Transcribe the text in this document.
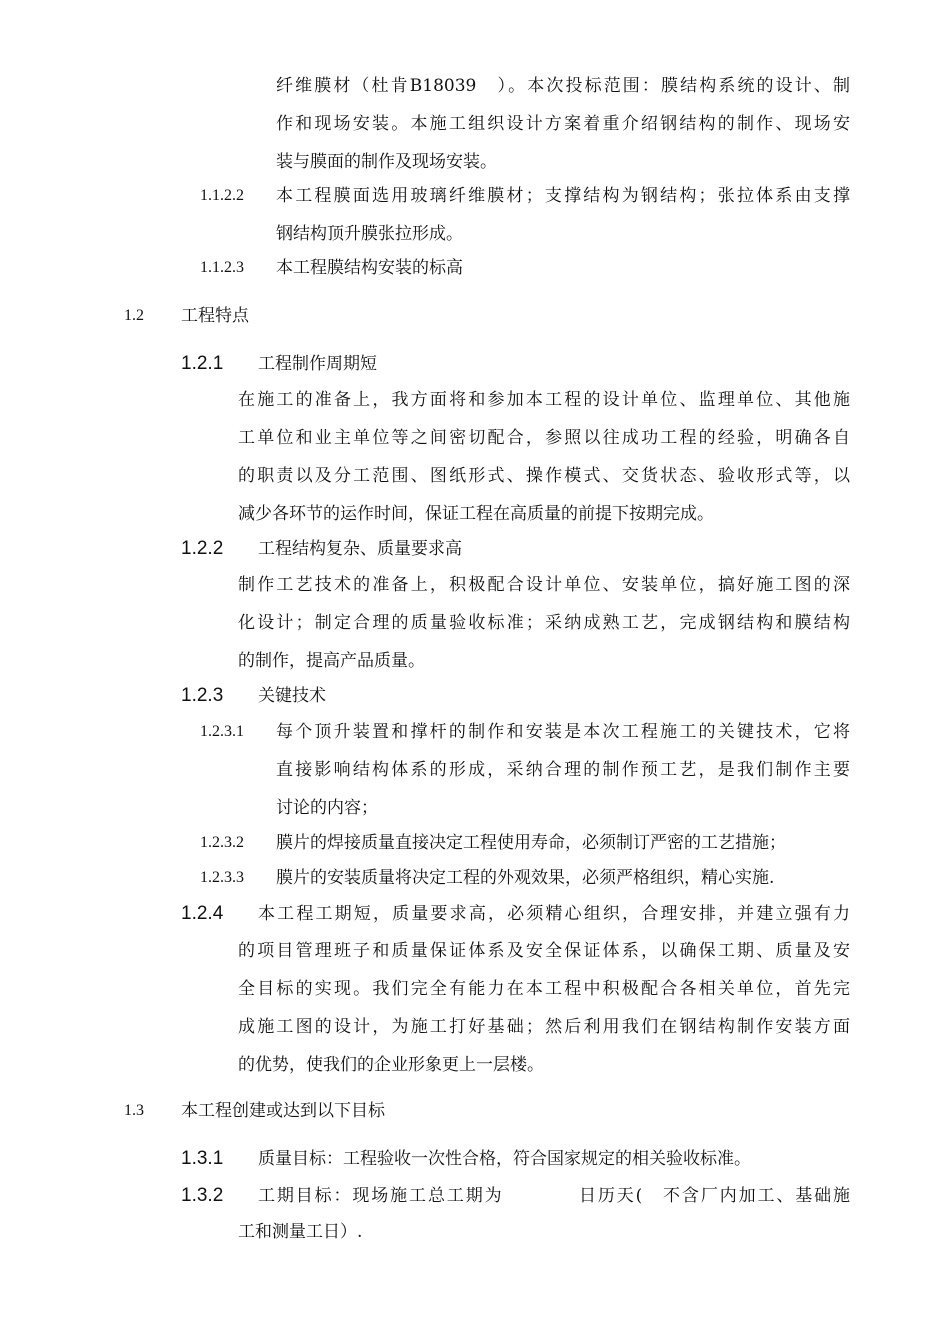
纤维膜材（杜肯B18039　）。本次投标范围：膜结构系统的设计、制
作和现场安装。本施工组织设计方案着重介绍钢结构的制作、现场安
装与膜面的制作及现场安装。
1.1.2.2 本工程膜面选用玻璃纤维膜材；支撑结构为钢结构；张拉体系由支撑
钢结构顶升膜张拉形成。
1.1.2.3 本工程膜结构安装的标高
1.2 工程特点
1.2.1 工程制作周期短
在施工的准备上，我方面将和参加本工程的设计单位、监理单位、其他施
工单位和业主单位等之间密切配合，参照以往成功工程的经验，明确各自
的职责以及分工范围、图纸形式、操作模式、交货状态、验收形式等，以
减少各环节的运作时间，保证工程在高质量的前提下按期完成。
1.2.2 工程结构复杂、质量要求高
制作工艺技术的准备上，积极配合设计单位、安装单位，搞好施工图的深
化设计；制定合理的质量验收标准；采纳成熟工艺，完成钢结构和膜结构
的制作，提高产品质量。
1.2.3 关键技术
1.2.3.1 每个顶升装置和撑杆的制作和安装是本次工程施工的关键技术，它将
直接影响结构体系的形成，采纳合理的制作预工艺，是我们制作主要
讨论的内容；
1.2.3.2 膜片的焊接质量直接决定工程使用寿命，必须制订严密的工艺措施；
1.2.3.3 膜片的安装质量将决定工程的外观效果，必须严格组织，精心实施.
1.2.4 本工程工期短，质量要求高，必须精心组织，合理安排，并建立强有力
的项目管理班子和质量保证体系及安全保证体系，以确保工期、质量及安
全目标的实现。我们完全有能力在本工程中积极配合各相关单位，首先完
成施工图的设计，为施工打好基础；然后利用我们在钢结构制作安装方面
的优势，使我们的企业形象更上一层楼。
1.3 本工程创建或达到以下目标
1.3.1 质量目标：工程验收一次性合格，符合国家规定的相关验收标准。
1.3.2 工期目标：现场施工总工期为　　　　日历天(　不含厂内加工、基础施
工和测量工日）.
